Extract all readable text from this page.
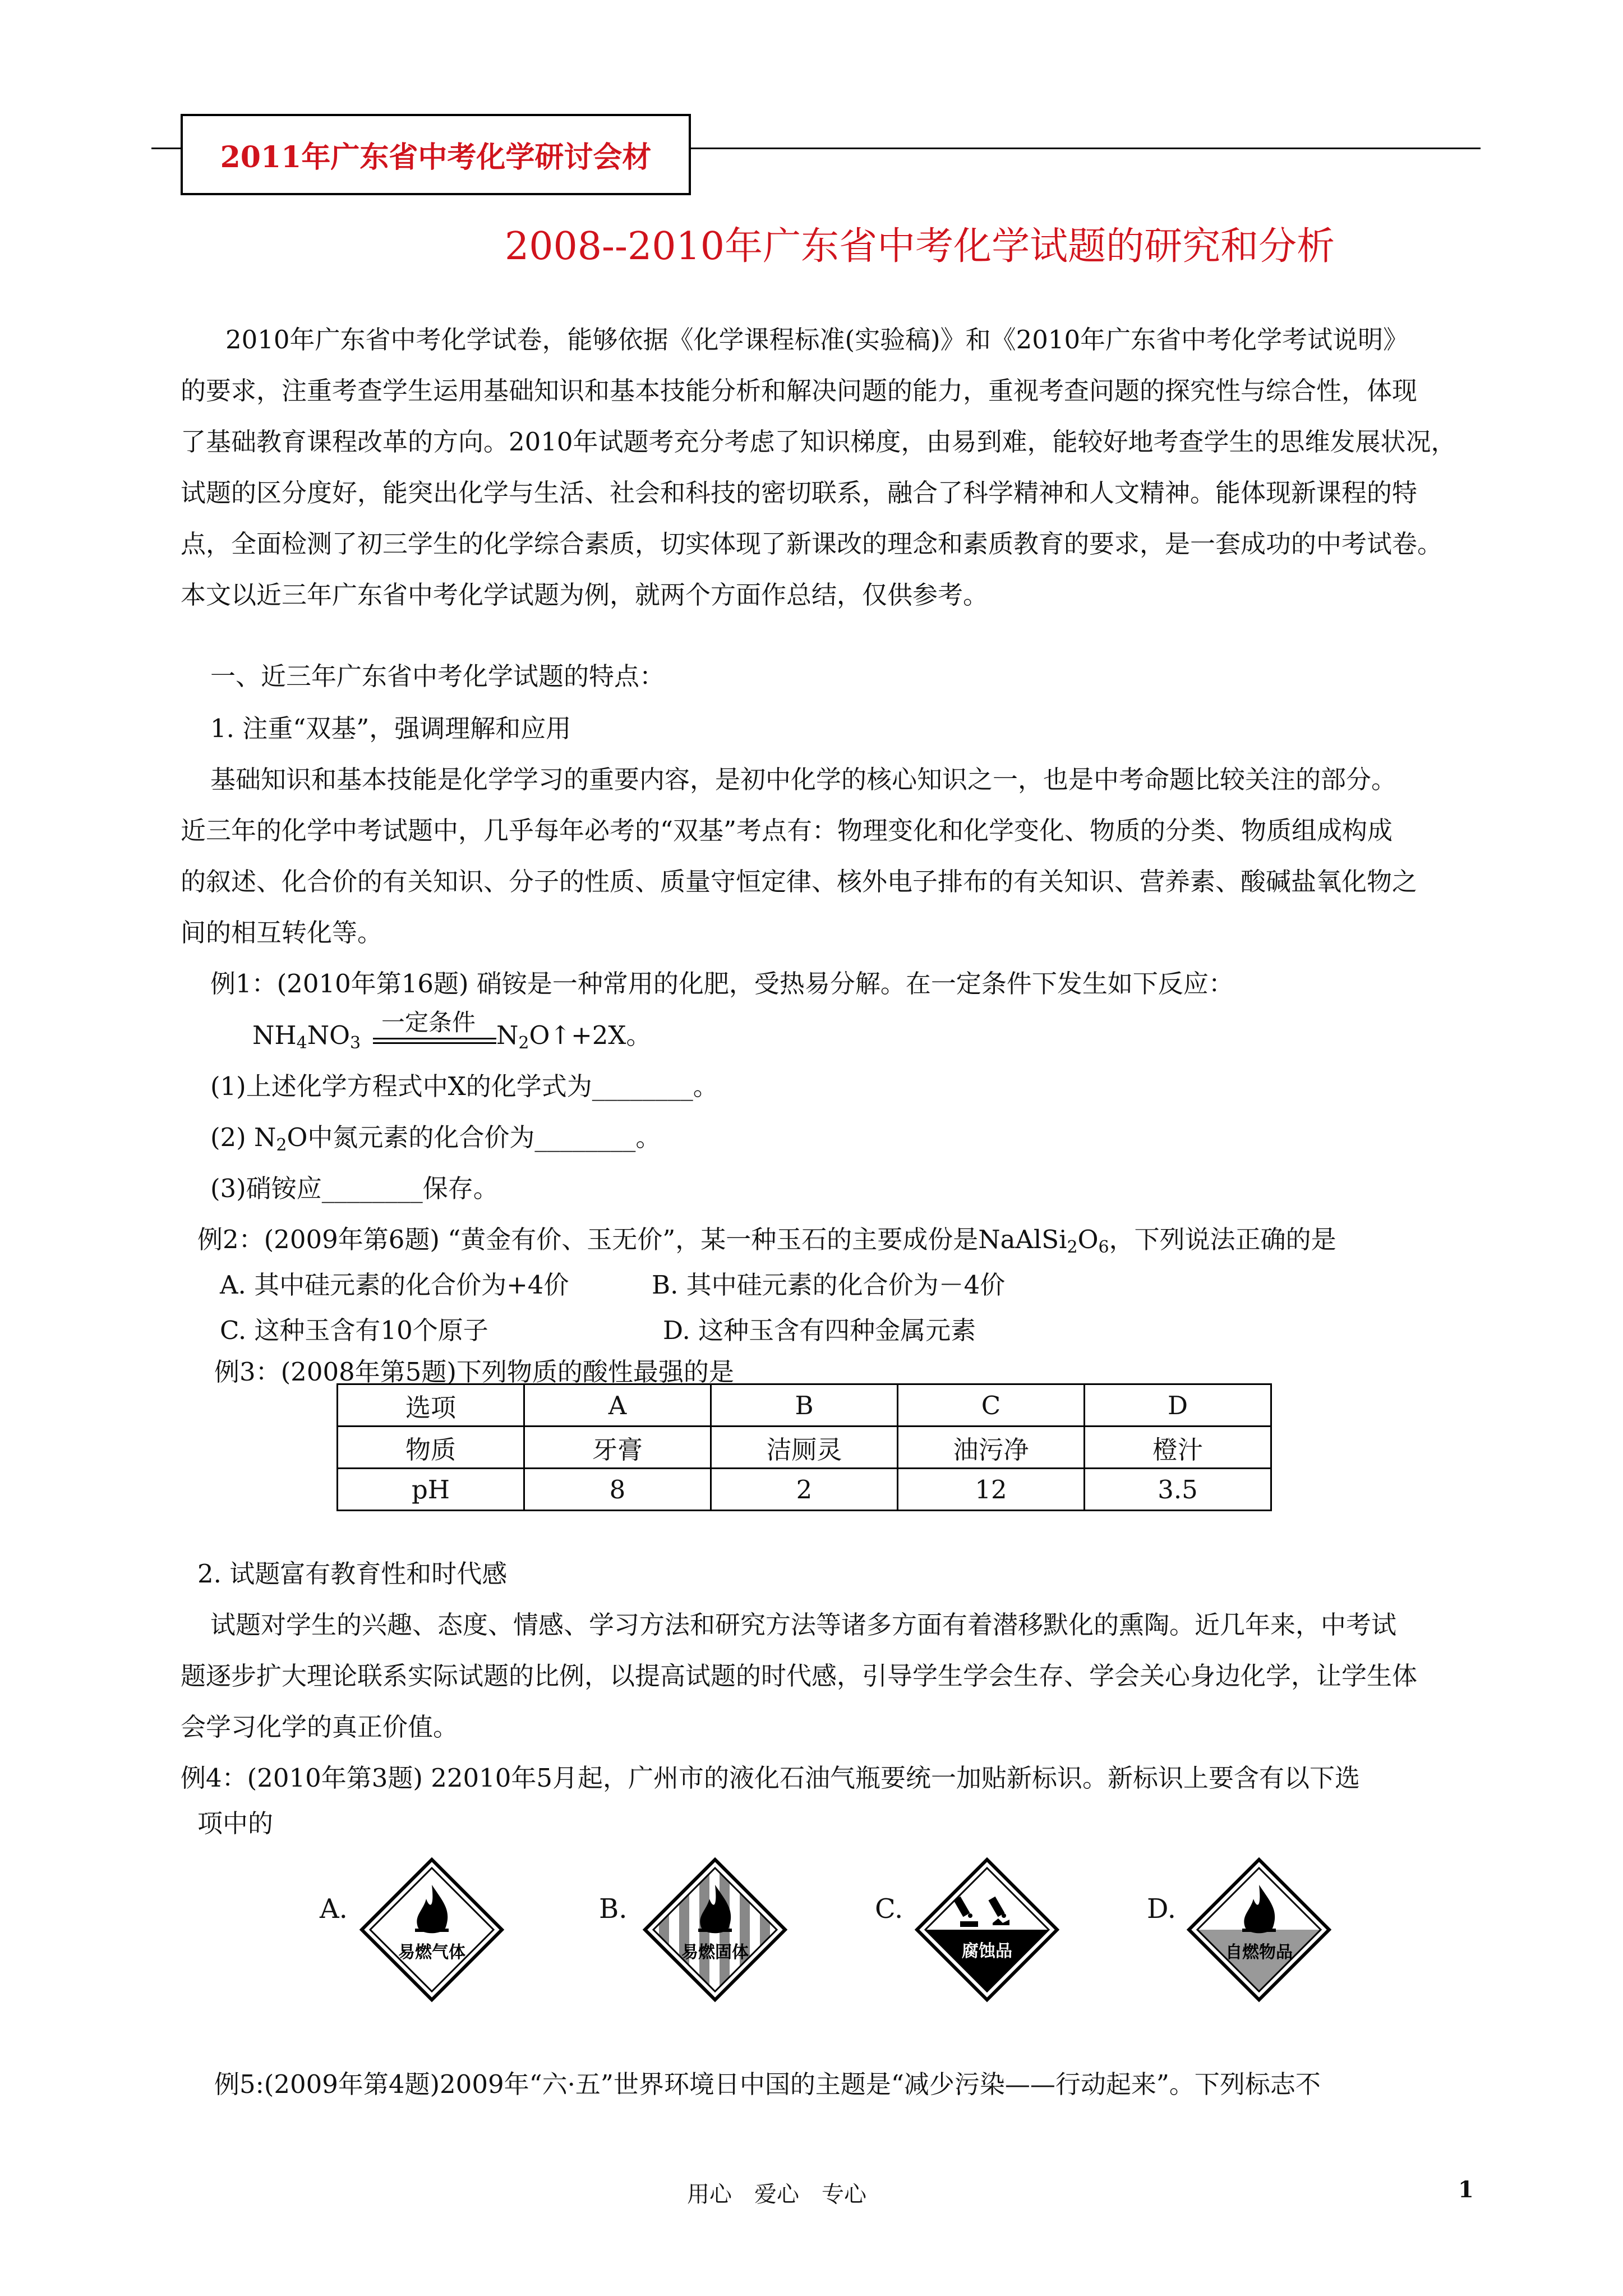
2011年广东省中考化学研讨会材
2008--2010年广东省中考化学试题的研究和分析
2010年广东省中考化学试卷，能够依据《化学课程标准(实验稿)》和《2010年广东省中考化学考试说明》
的要求，注重考查学生运用基础知识和基本技能分析和解决问题的能力，重视考查问题的探究性与综合性，体现
了基础教育课程改革的方向。2010年试题考充分考虑了知识梯度，由易到难，能较好地考查学生的思维发展状况，
试题的区分度好，能突出化学与生活、社会和科技的密切联系，融合了科学精神和人文精神。能体现新课程的特
点，全面检测了初三学生的化学综合素质，切实体现了新课改的理念和素质教育的要求，是一套成功的中考试卷。
本文以近三年广东省中考化学试题为例，就两个方面作总结，仅供参考。
一、近三年广东省中考化学试题的特点：
1. 注重“双基”，强调理解和应用
基础知识和基本技能是化学学习的重要内容，是初中化学的核心知识之一，也是中考命题比较关注的部分。
近三年的化学中考试题中，几乎每年必考的“双基”考点有：物理变化和化学变化、物质的分类、物质组成构成
的叙述、化合价的有关知识、分子的性质、质量守恒定律、核外电子排布的有关知识、营养素、酸碱盐氧化物之
间的相互转化等。
例1：(2010年第16题) 硝铵是一种常用的化肥，受热易分解。在一定条件下发生如下反应：
$NH_4NO_3$
一定条件 $N_2O↑+2X$。
(1)上述化学方程式中X的化学式为________。
(2) $N_2O$中氮元素的化合价为________。
(3)硝铵应________保存。
例2：(2009年第6题) “黄金有价、玉无价”，某一种玉石的主要成份是$NaAlSi_2O_6$，下列说法正确的是
A. 其中硅元素的化合价为+4价	B. 其中硅元素的化合价为－4价
C. 这种玉含有10个原子	D. 这种玉含有四种金属元素
例3：(2008年第5题)下列物质的酸性最强的是
选项	A	B	C	D
物质	牙膏	洁厕灵	油污净	橙汁
pH	8	2	12	3.5
2. 试题富有教育性和时代感
试题对学生的兴趣、态度、情感、学习方法和研究方法等诸多方面有着潜移默化的熏陶。近几年来，中考试
题逐步扩大理论联系实际试题的比例，以提高试题的时代感，引导学生学会生存、学会关心身边化学，让学生体
会学习化学的真正价值。
例4：(2010年第3题) 22010年5月起，广州市的液化石油气瓶要统一加贴新标识。新标识上要含有以下选
项中的
A.
易燃气体
B.
易燃固体
C.
腐蚀品
D.
自燃物品
例5:(2009年第4题)2009年“六·五”世界环境日中国的主题是“减少污染——行动起来”。下列标志不
用心　爱心　专心	1
